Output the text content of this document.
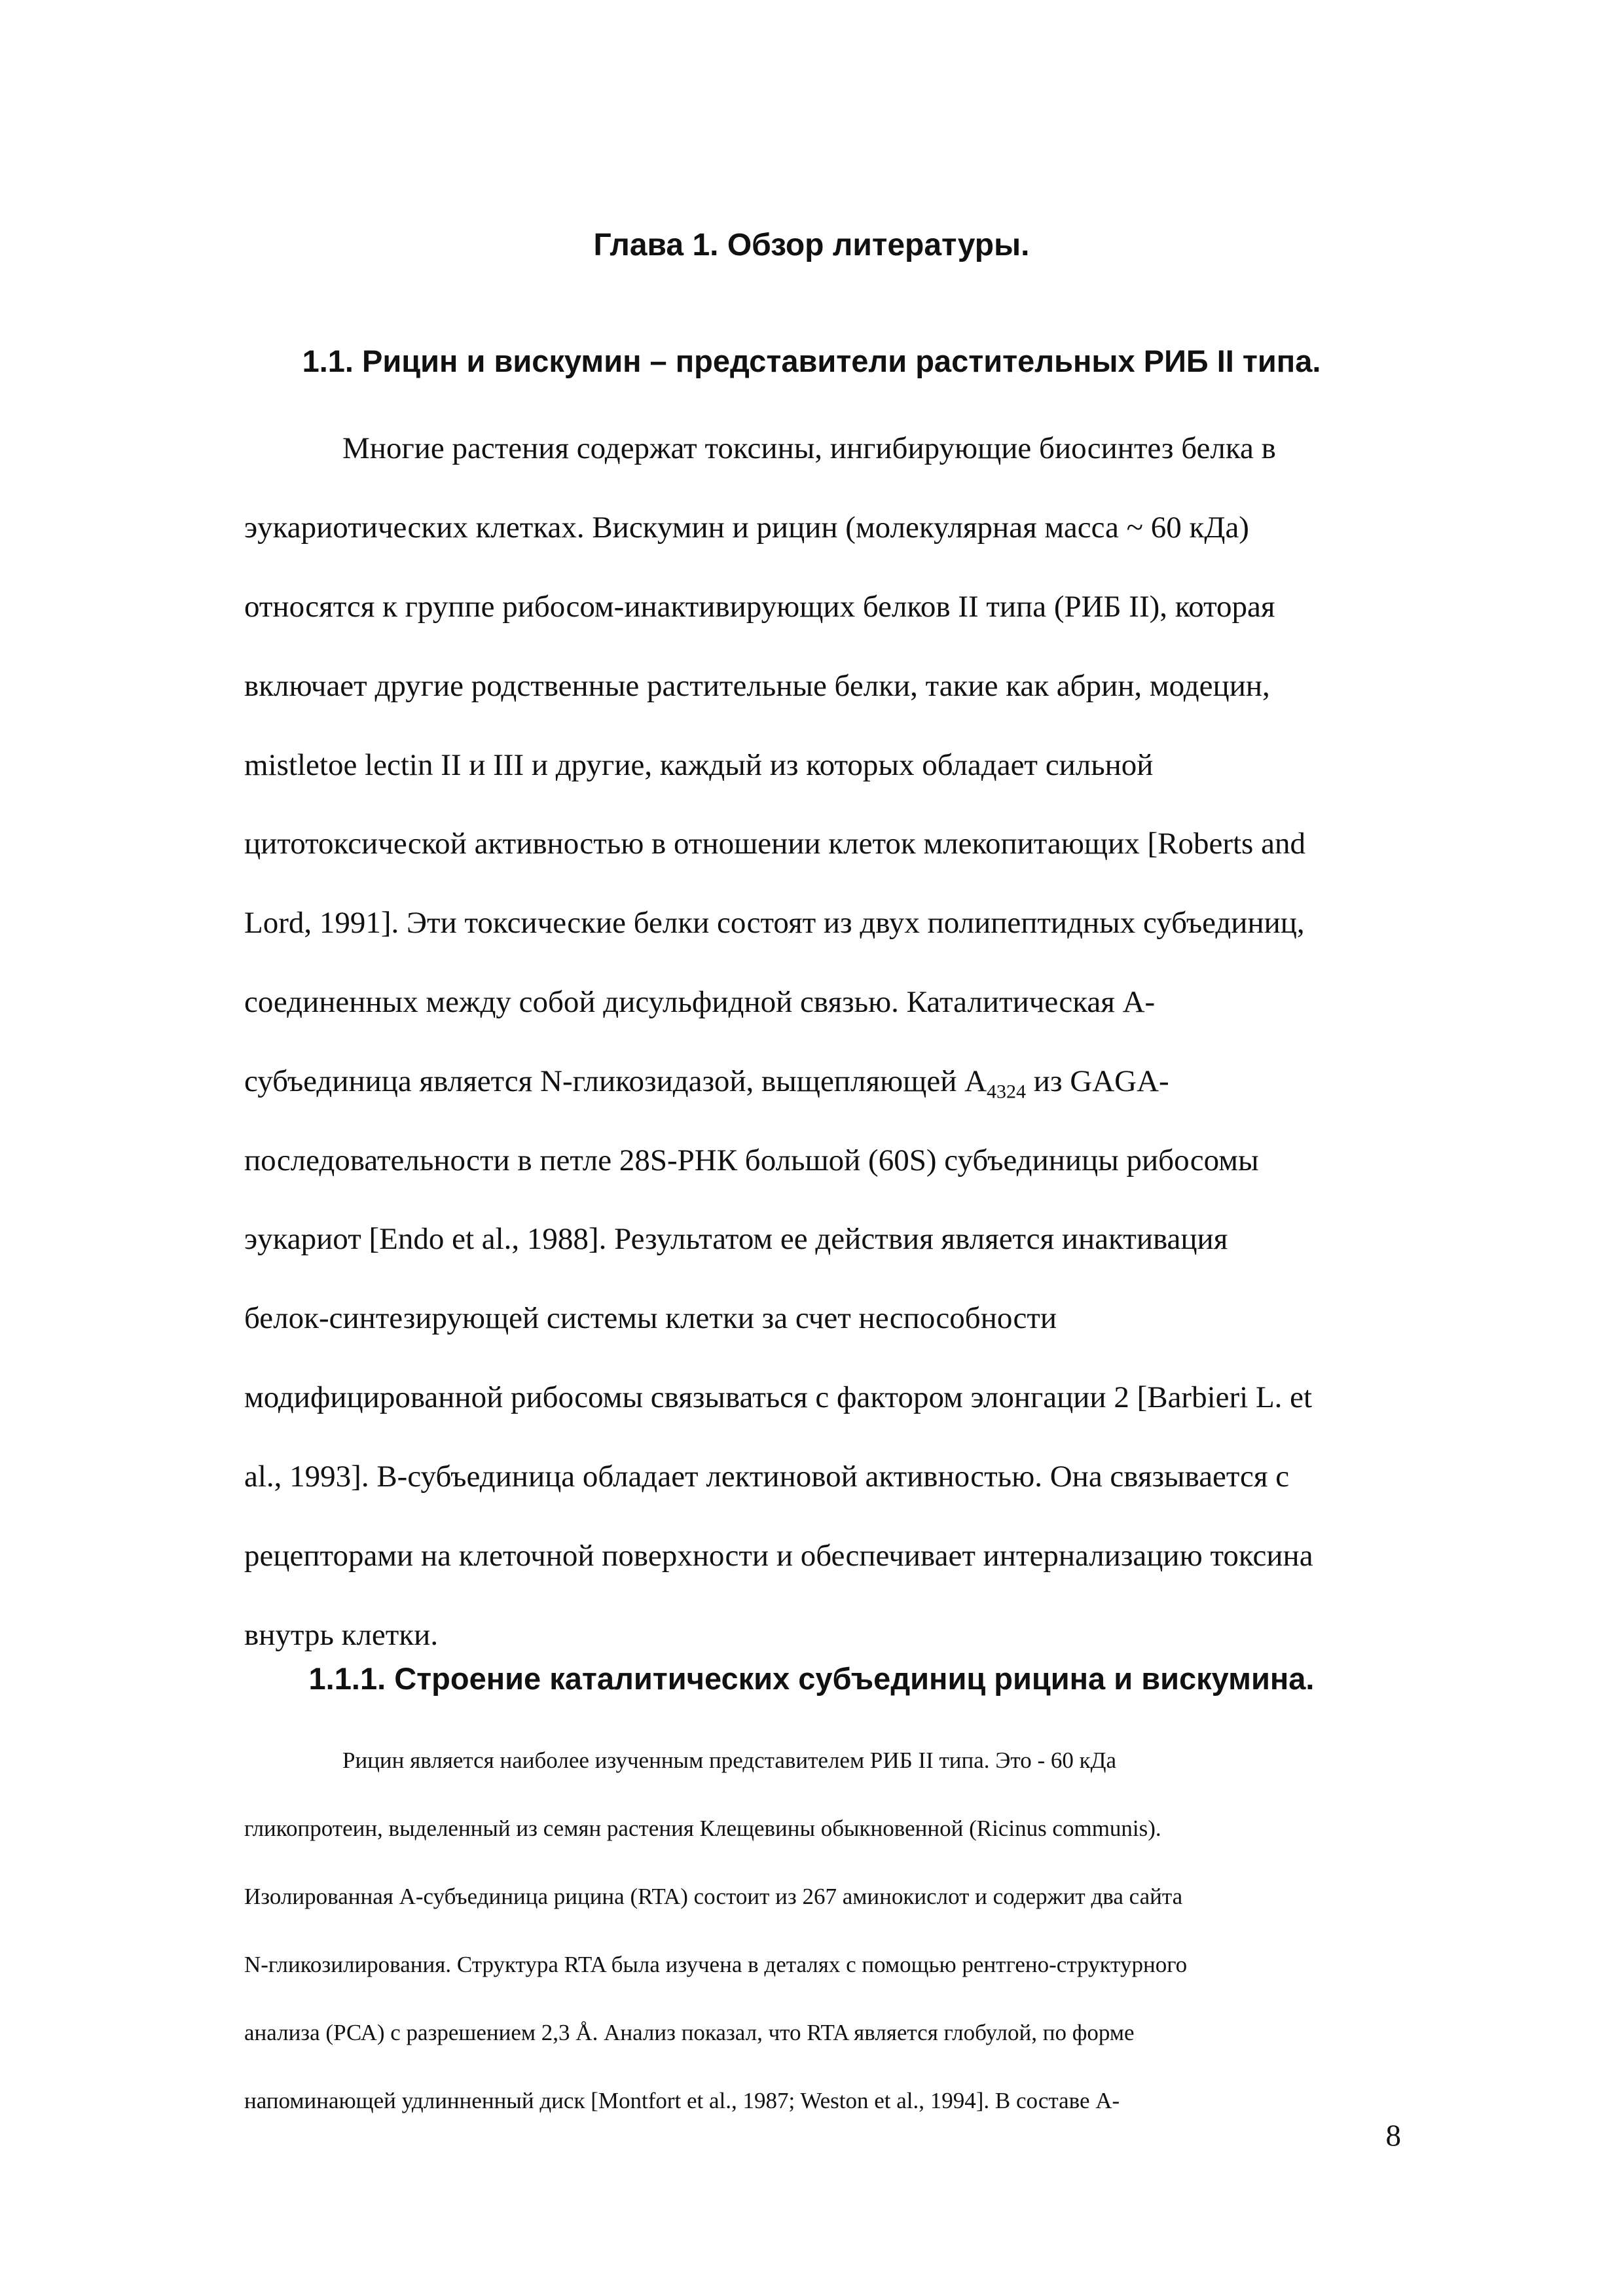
Глава 1. Обзор литературы.
1.1. Рицин и вискумин – представители растительных РИБ II типа.

Многие растения содержат токсины, ингибирующие биосинтез белка в

эукариотических клетках. Вискумин и рицин (молекулярная масса ~ 60 кДа)

относятся к группе рибосом-инактивирующих белков II типа (РИБ II), которая

включает другие родственные растительные белки, такие как абрин, модецин,

mistletoe lectin II и III и другие, каждый из которых обладает сильной

цитотоксической активностью в отношении клеток млекопитающих [Roberts and

Lord, 1991]. Эти токсические белки состоят из двух полипептидных субъединиц,

соединенных между собой дисульфидной связью. Каталитическая А-

субъединица является N-гликозидазой, выщепляющей $А_{4324}$ из GAGA-

последовательности в петле 28S-РНК большой (60S) субъединицы рибосомы

эукариот [Endo et al., 1988]. Результатом ее действия является инактивация

белок-синтезирующей системы клетки за счет неспособности

модифицированной рибосомы связываться с фактором элонгации 2 [Barbieri L. et

al., 1993]. В-субъединица обладает лектиновой активностью. Она связывается с

рецепторами на клеточной поверхности и обеспечивает интернализацию токсина

внутрь клетки.

1.1.1. Строение каталитических субъединиц рицина и вискумина.

Рицин является наиболее изученным представителем РИБ II типа. Это - 60 кДа

гликопротеин, выделенный из семян растения Клещевины обыкновенной (Ricinus communis).

Изолированная А-субъединица рицина (RTA) состоит из 267 аминокислот и содержит два сайта

N-гликозилирования. Структура RTA была изучена в деталях с помощью рентгено-структурного

анализа (РСА) с разрешением 2,3 Å. Анализ показал, что RTA является глобулой, по форме

напоминающей удлинненный диск [Montfort et al., 1987; Weston et al., 1994]. В составе А-

8
